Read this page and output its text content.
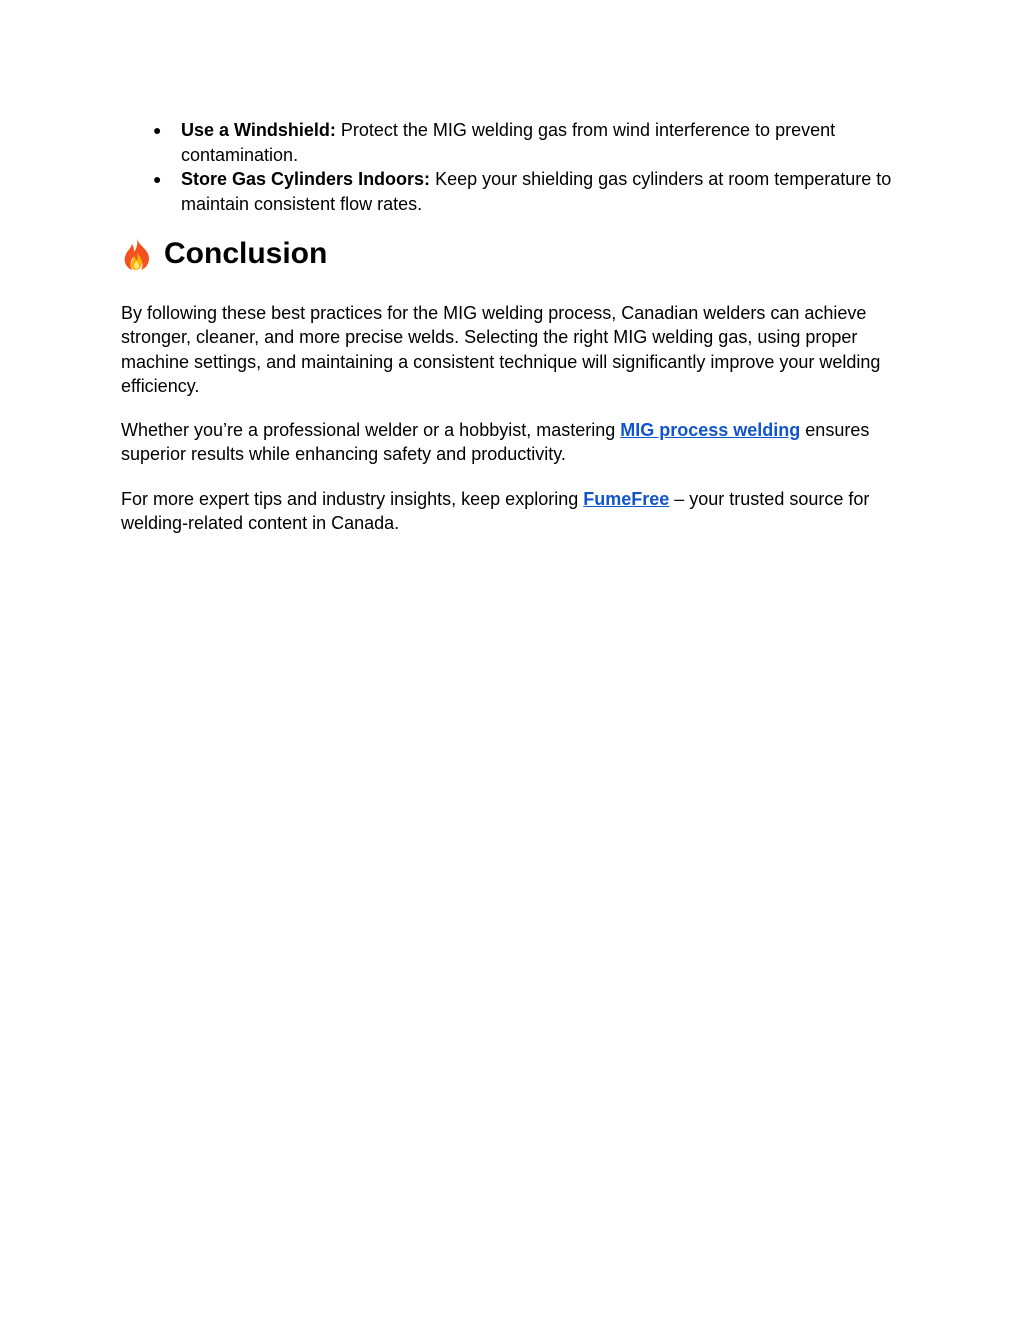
● Use a Windshield: Protect the MIG welding gas from wind interference to prevent contamination.
● Store Gas Cylinders Indoors: Keep your shielding gas cylinders at room temperature to maintain consistent flow rates.
Conclusion

By following these best practices for the MIG welding process, Canadian welders can achieve stronger, cleaner, and more precise welds. Selecting the right MIG welding gas, using proper machine settings, and maintaining a consistent technique will significantly improve your welding efficiency.

Whether you’re a professional welder or a hobbyist, mastering MIG process welding ensures superior results while enhancing safety and productivity.

For more expert tips and industry insights, keep exploring FumeFree – your trusted source for welding-related content in Canada.
